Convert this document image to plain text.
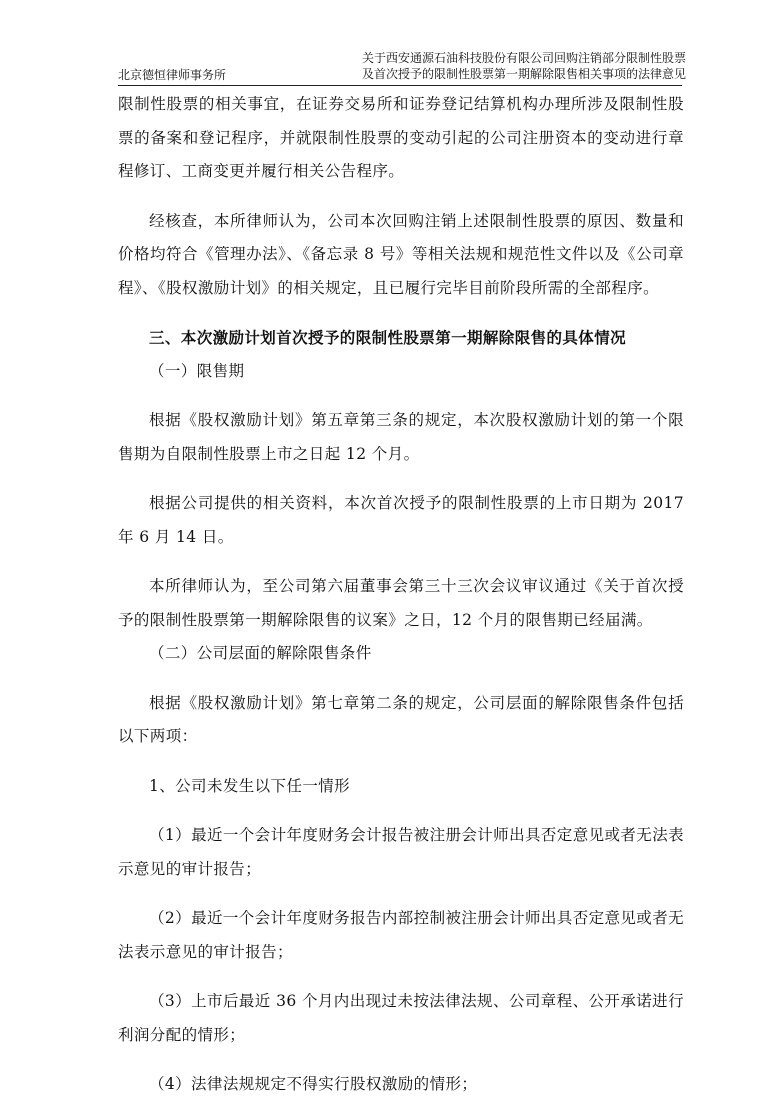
北京德恒律师事务所
关于西安通源石油科技股份有限公司回购注销部分限制性股票
及首次授予的限制性股票第一期解除限售相关事项的法律意见

限制性股票的相关事宜，在证券交易所和证券登记结算机构办理所涉及限制性股票的备案和登记程序，并就限制性股票的变动引起的公司注册资本的变动进行章程修订、工商变更并履行相关公告程序。

经核查，本所律师认为，公司本次回购注销上述限制性股票的原因、数量和价格均符合《管理办法》、《备忘录 8 号》等相关法规和规范性文件以及《公司章程》、《股权激励计划》的相关规定，且已履行完毕目前阶段所需的全部程序。

三、本次激励计划首次授予的限制性股票第一期解除限售的具体情况

（一）限售期

根据《股权激励计划》第五章第三条的规定，本次股权激励计划的第一个限售期为自限制性股票上市之日起 12 个月。

根据公司提供的相关资料，本次首次授予的限制性股票的上市日期为 2017 年 6 月 14 日。

本所律师认为，至公司第六届董事会第三十三次会议审议通过《关于首次授予的限制性股票第一期解除限售的议案》之日，12 个月的限售期已经届满。

（二）公司层面的解除限售条件

根据《股权激励计划》第七章第二条的规定，公司层面的解除限售条件包括以下两项：

1、公司未发生以下任一情形

（1）最近一个会计年度财务会计报告被注册会计师出具否定意见或者无法表示意见的审计报告；

（2）最近一个会计年度财务报告内部控制被注册会计师出具否定意见或者无法表示意见的审计报告；

（3）上市后最近 36 个月内出现过未按法律法规、公司章程、公开承诺进行利润分配的情形；

（4）法律法规规定不得实行股权激励的情形；
